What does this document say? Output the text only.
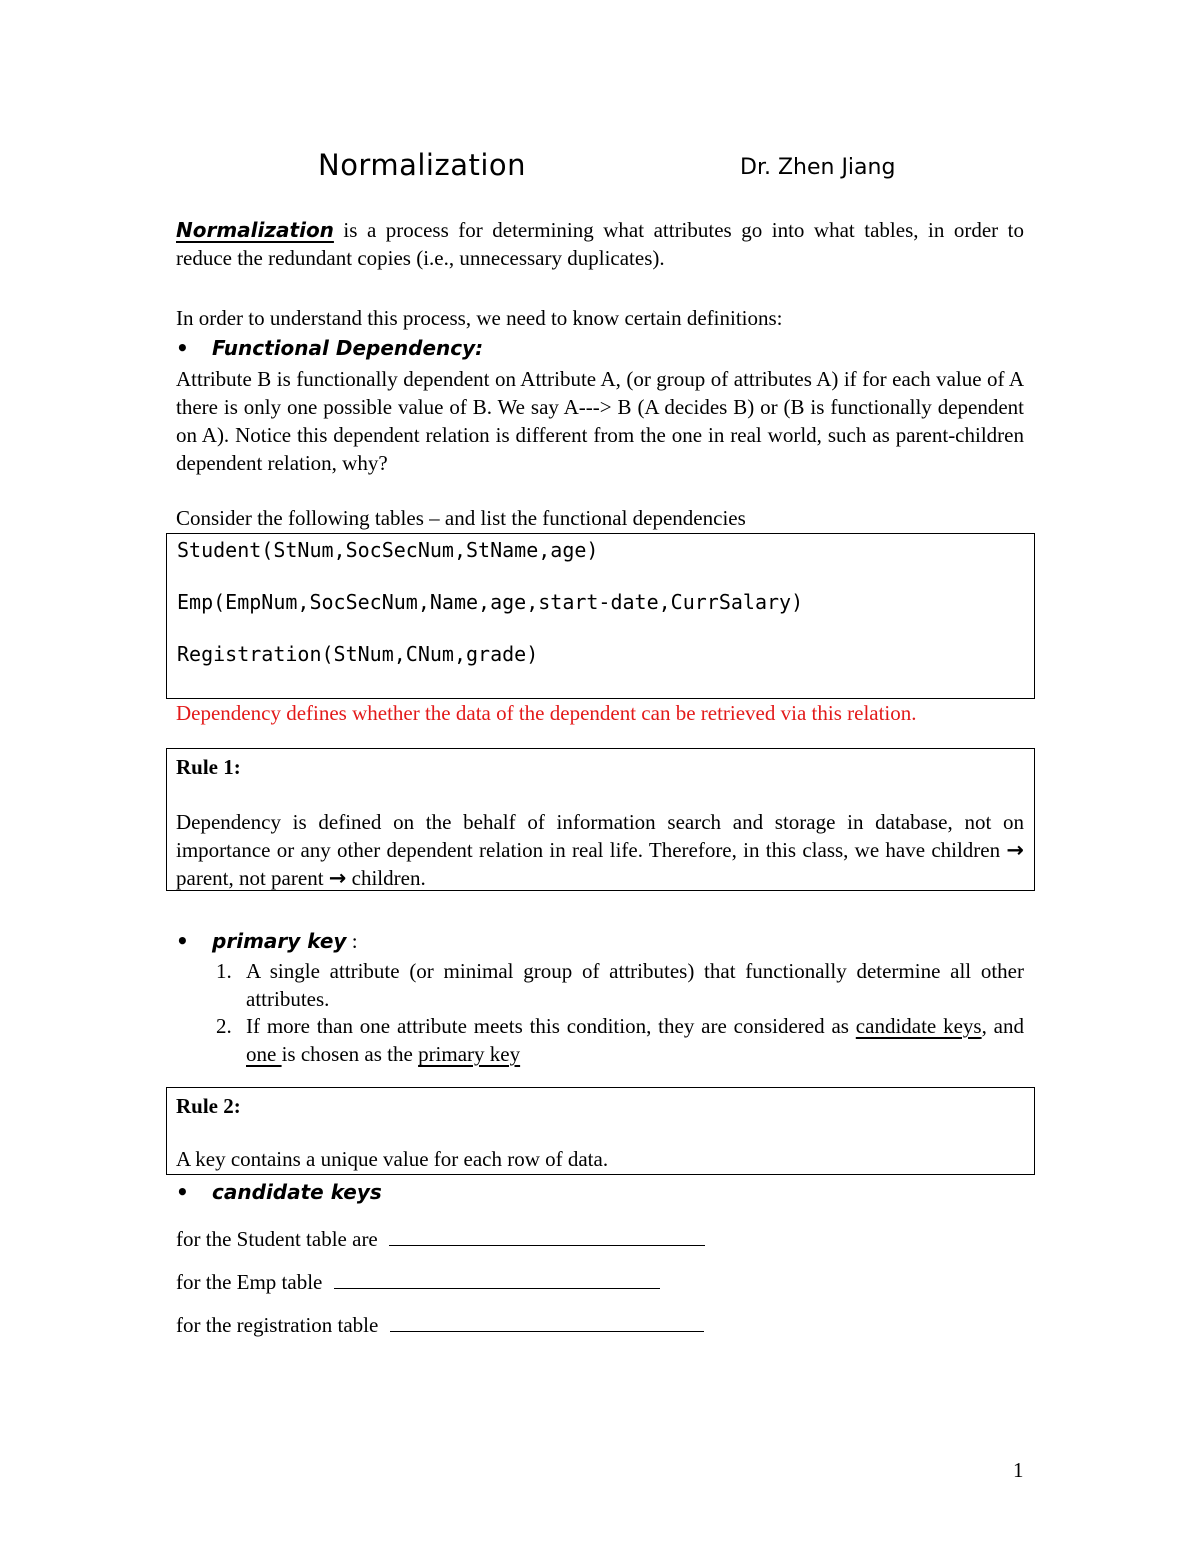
Normalization	Dr. Zhen Jiang
Normalization is a process for determining what attributes go into what tables, in order to reduce the redundant copies (i.e., unnecessary duplicates).
In order to understand this process, we need to know certain definitions:
• Functional Dependency:
Attribute B is functionally dependent on Attribute A, (or group of attributes A) if for each value of A there is only one possible value of B. We say A---> B (A decides B) or (B is functionally dependent on A). Notice this dependent relation is different from the one in real world, such as parent-children dependent relation, why?
Consider the following tables – and list the functional dependencies
Student(StNum,SocSecNum,StName,age)
Emp(EmpNum,SocSecNum,Name,age,start-date,CurrSalary)
Registration(StNum,CNum,grade)
Dependency defines whether the data of the dependent can be retrieved via this relation.
Rule 1:
Dependency is defined on the behalf of information search and storage in database, not on importance or any other dependent relation in real life. Therefore, in this class, we have children → parent, not parent → children.
• primary key :
1. A single attribute (or minimal group of attributes) that functionally determine all other attributes.
2. If more than one attribute meets this condition, they are considered as candidate keys, and one is chosen as the primary key
Rule 2:
A key contains a unique value for each row of data.
• candidate keys
for the Student table are
for the Emp table
for the registration table
1
